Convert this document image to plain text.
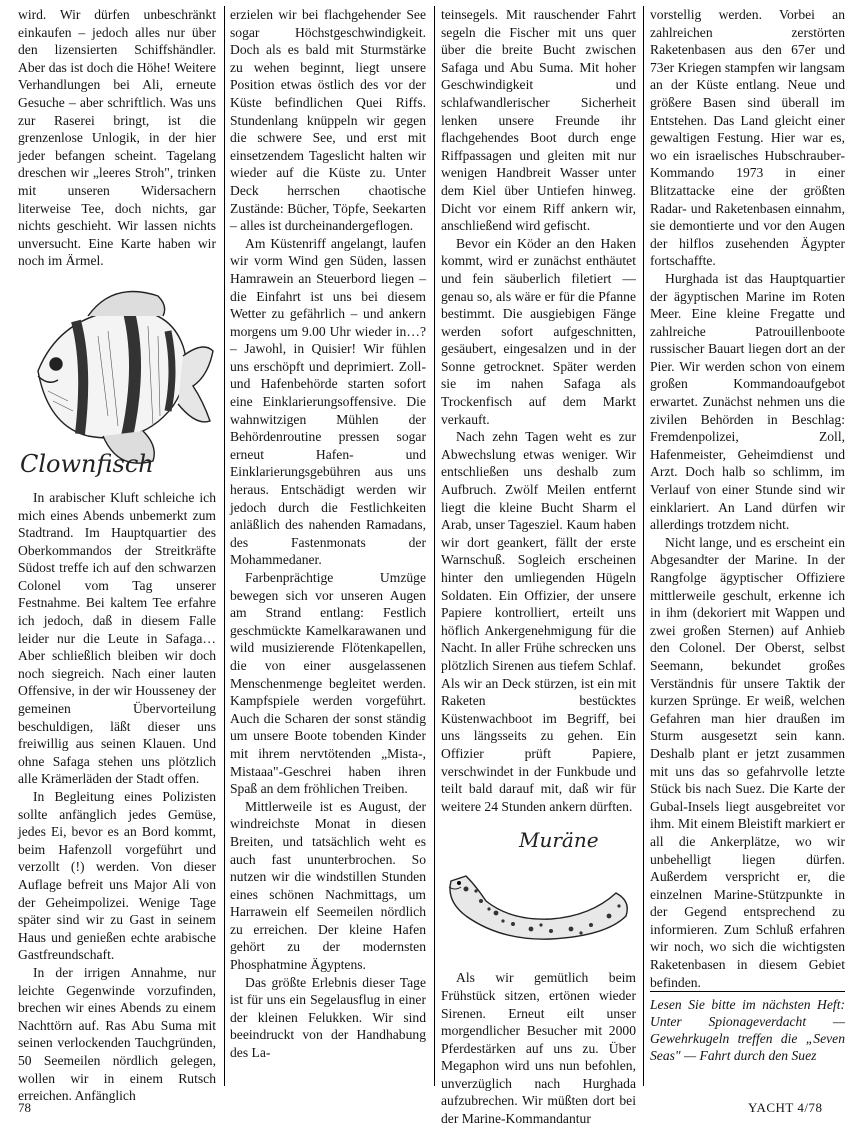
wird. Wir dürfen unbeschränkt einkaufen – jedoch alles nur über den lizensierten Schiffshändler. Aber das ist doch die Höhe! Weitere Verhandlungen bei Ali, erneute Gesuche – aber schriftlich. Was uns zur Raserei bringt, ist die grenzenlose Unlogik, in der hier jeder befangen scheint. Tagelang dreschen wir „leeres Stroh", trinken mit unseren Widersachern literweise Tee, doch nichts, gar nichts geschieht. Wir lassen nichts unversucht. Eine Karte haben wir noch im Ärmel.

Clownfisch

In arabischer Kluft schleiche ich mich eines Abends unbemerkt zum Stadtrand. Im Hauptquartier des Oberkommandos der Streitkräfte Südost treffe ich auf den schwarzen Colonel vom Tag unserer Festnahme. Bei kaltem Tee erfahre ich jedoch, daß in diesem Falle leider nur die Leute in Safaga… Aber schließlich bleiben wir doch noch siegreich. Nach einer lauten Offensive, in der wir Housseney der gemeinen Übervorteilung beschuldigen, läßt dieser uns freiwillig aus seinen Klauen. Und ohne Safaga stehen uns plötzlich alle Krämerläden der Stadt offen.

In Begleitung eines Polizisten sollte anfänglich jedes Gemüse, jedes Ei, bevor es an Bord kommt, beim Hafenzoll vorgeführt und verzollt (!) werden. Von dieser Auflage befreit uns Major Ali von der Geheimpolizei. Wenige Tage später sind wir zu Gast in seinem Haus und genießen echte arabische Gastfreundschaft.

In der irrigen Annahme, nur leichte Gegenwinde vorzufinden, brechen wir eines Abends zu einem Nachttörn auf. Ras Abu Suma mit seinen verlockenden Tauchgründen, 50 Seemeilen nördlich gelegen, wollen wir in einem Rutsch erreichen. Anfänglich

erzielen wir bei flachgehender See sogar Höchstgeschwindigkeit. Doch als es bald mit Sturmstärke zu wehen beginnt, liegt unsere Position etwas östlich des vor der Küste befindlichen Quei Riffs. Stundenlang knüppeln wir gegen die schwere See, und erst mit einsetzendem Tageslicht halten wir wieder auf die Küste zu. Unter Deck herrschen chaotische Zustände: Bücher, Töpfe, Seekarten – alles ist durcheinandergeflogen.

Am Küstenriff angelangt, laufen wir vorm Wind gen Süden, lassen Hamrawein an Steuerbord liegen – die Einfahrt ist uns bei diesem Wetter zu gefährlich – und ankern morgens um 9.00 Uhr wieder in…? – Jawohl, in Quisier! Wir fühlen uns erschöpft und deprimiert. Zoll- und Hafenbehörde starten sofort eine Einklarierungsoffensive. Die wahnwitzigen Mühlen der Behördenroutine pressen sogar erneut Hafen- und Einklarierungsgebühren aus uns heraus. Entschädigt werden wir jedoch durch die Festlichkeiten anläßlich des nahenden Ramadans, des Fastenmonats der Mohammedaner.

Farbenprächtige Umzüge bewegen sich vor unseren Augen am Strand entlang: Festlich geschmückte Kamelkarawanen und wild musizierende Flötenkapellen, die von einer ausgelassenen Menschenmenge begleitet werden. Kampfspiele werden vorgeführt. Auch die Scharen der sonst ständig um unsere Boote tobenden Kinder mit ihrem nervtötenden „Mista-, Mistaaa"-Geschrei haben ihren Spaß an dem fröhlichen Treiben.

Mittlerweile ist es August, der windreichste Monat in diesen Breiten, und tatsächlich weht es auch fast ununterbrochen. So nutzen wir die windstillen Stunden eines schönen Nachmittags, um Harrawein elf Seemeilen nördlich zu erreichen. Der kleine Hafen gehört zu der modernsten Phosphatmine Ägyptens.

Das größte Erlebnis dieser Tage ist für uns ein Segelausflug in einer der kleinen Felukken. Wir sind beeindruckt von der Handhabung des La-

teinsegels. Mit rauschender Fahrt segeln die Fischer mit uns quer über die breite Bucht zwischen Safaga und Abu Suma. Mit hoher Geschwindigkeit und schlafwandlerischer Sicherheit lenken unsere Freunde ihr flachgehendes Boot durch enge Riffpassagen und gleiten mit nur wenigen Handbreit Wasser unter dem Kiel über Untiefen hinweg. Dicht vor einem Riff ankern wir, anschließend wird gefischt.

Bevor ein Köder an den Haken kommt, wird er zunächst enthäutet und fein säuberlich filetiert — genau so, als wäre er für die Pfanne bestimmt. Die ausgiebigen Fänge werden sofort aufgeschnitten, gesäubert, eingesalzen und in der Sonne getrocknet. Später werden sie im nahen Safaga als Trockenfisch auf dem Markt verkauft.

Nach zehn Tagen weht es zur Abwechslung etwas weniger. Wir entschließen uns deshalb zum Aufbruch. Zwölf Meilen entfernt liegt die kleine Bucht Sharm el Arab, unser Tagesziel. Kaum haben wir dort geankert, fällt der erste Warnschuß. Sogleich erscheinen hinter den umliegenden Hügeln Soldaten. Ein Offizier, der unsere Papiere kontrolliert, erteilt uns höflich Ankergenehmigung für die Nacht. In aller Frühe schrecken uns plötzlich Sirenen aus tiefem Schlaf. Als wir an Deck stürzen, ist ein mit Raketen bestücktes Küstenwachboot im Begriff, bei uns längsseits zu gehen. Ein Offizier prüft Papiere, verschwindet in der Funkbude und teilt bald darauf mit, daß wir für weitere 24 Stunden ankern dürften.

Muräne

Als wir gemütlich beim Frühstück sitzen, ertönen wieder Sirenen. Erneut eilt unser morgendlicher Besucher mit 2000 Pferdestärken auf uns zu. Über Megaphon wird uns nun befohlen, unverzüglich nach Hurghada aufzubrechen. Wir müßten dort bei der Marine-Kommandantur

vorstellig werden. Vorbei an zahlreichen zerstörten Raketenbasen aus den 67er und 73er Kriegen stampfen wir langsam an der Küste entlang. Neue und größere Basen sind überall im Entstehen. Das Land gleicht einer gewaltigen Festung. Hier war es, wo ein israelisches Hubschrauber-Kommando 1973 in einer Blitzattacke eine der größten Radar- und Raketenbasen einnahm, sie demontierte und vor den Augen der hilflos zusehenden Ägypter fortschaffte.

Hurghada ist das Hauptquartier der ägyptischen Marine im Roten Meer. Eine kleine Fregatte und zahlreiche Patrouillenboote russischer Bauart liegen dort an der Pier. Wir werden schon von einem großen Kommandoaufgebot erwartet. Zunächst nehmen uns die zivilen Behörden in Beschlag: Fremdenpolizei, Zoll, Hafenmeister, Geheimdienst und Arzt. Doch halb so schlimm, im Verlauf von einer Stunde sind wir einklariert. An Land dürfen wir allerdings trotzdem nicht.

Nicht lange, und es erscheint ein Abgesandter der Marine. In der Rangfolge ägyptischer Offiziere mittlerweile geschult, erkenne ich in ihm (dekoriert mit Wappen und zwei großen Sternen) auf Anhieb den Colonel. Der Oberst, selbst Seemann, bekundet großes Verständnis für unsere Taktik der kurzen Sprünge. Er weiß, welchen Gefahren man hier draußen im Sturm ausgesetzt sein kann. Deshalb plant er jetzt zusammen mit uns das so gefahrvolle letzte Stück bis nach Suez. Die Karte der Gubal-Insels liegt ausgebreitet vor ihm. Mit einem Bleistift markiert er all die Ankerplätze, wo wir unbehelligt liegen dürfen. Außerdem verspricht er, die einzelnen Marine-Stützpunkte in der Gegend entsprechend zu informieren. Zum Schluß erfahren wir noch, wo sich die wichtigsten Raketenbasen in diesem Gebiet befinden.

Lesen Sie bitte im nächsten Heft: Unter Spionageverdacht — Gewehrkugeln treffen die „Seven Seas" — Fahrt durch den Suez

78	YACHT 4/78
